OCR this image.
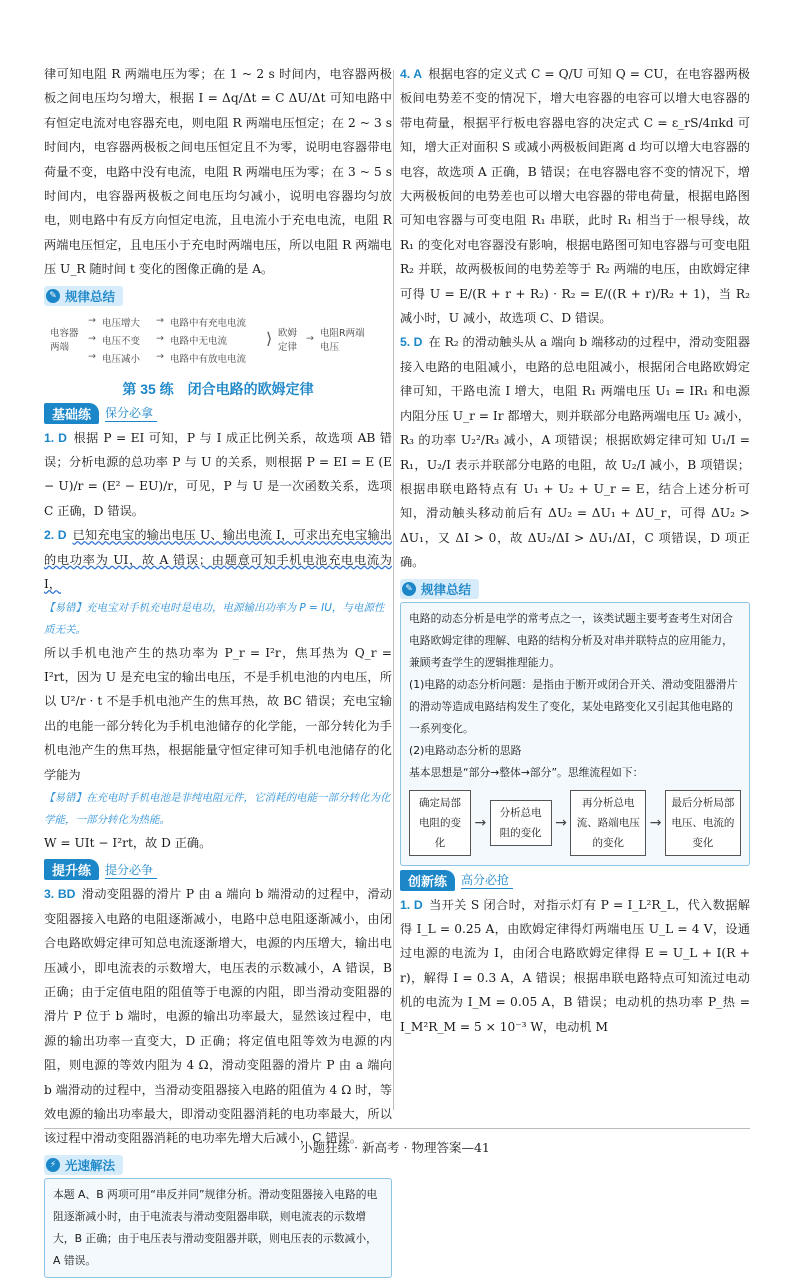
律可知电阻 R 两端电压为零；在 1 ~ 2 s 时间内，电容器两极板之间电压均匀增大，根据 I = Δq/Δt = C ΔU/Δt 可知电路中有恒定电流对电容器充电，则电阻 R 两端电压恒定；在 2 ~ 3 s 时间内，电容器两极板之间电压恒定且不为零，说明电容器带电荷量不变，电路中没有电流，电阻 R 两端电压为零；在 3 ~ 5 s 时间内，电容器两极板之间电压均匀减小，说明电容器均匀放电，则电路中有反方向恒定电流，且电流小于充电电流，电阻 R 两端电压恒定，且电压小于充电时两端电压，所以电阻 R 两端电压 U_R 随时间 t 变化的图像正确的是 A。

✎ 规律总结
电容器两端
→
→
→
电压增大
电压不变
电压减小
→
→
→
电路中有充电电流
电路中无电流
电路中有放电电流
⟩ 欧姆定律
→ 电阻R两端电压
第 35 练　闭合电路的欧姆定律
基础练	保分必拿

1. D 根据 P = EI 可知，P 与 I 成正比例关系，故选项 AB 错误；分析电源的总功率 P 与 U 的关系，则根据 P = EI = E (E − U)/r = (E² − EU)/r，可见，P 与 U 是一次函数关系，选项 C 正确，D 错误。

2. D 已知充电宝的输出电压 U、输出电流 I，可求出充电宝输出的电功率为 UI，故 A 错误；由题意可知手机电池充电电流为 I，

【易错】充电宝对手机充电时是电功，电源输出功率为 P = IU，与电源性质无关。

所以手机电池产生的热功率为 P_r = I²r，焦耳热为 Q_r = I²rt，因为 U 是充电宝的输出电压，不是手机电池的内电压，所以 U²/r · t 不是手机电池产生的焦耳热，故 BC 错误；充电宝输出的电能一部分转化为手机电池储存的化学能，一部分转化为手机电池产生的焦耳热，根据能量守恒定律可知手机电池储存的化学能为

【易错】在充电时手机电池是非纯电阻元件，它消耗的电能一部分转化为化学能，一部分转化为热能。

W = UIt − I²rt，故 D 正确。

提升练	提分必争

3. BD 滑动变阻器的滑片 P 由 a 端向 b 端滑动的过程中，滑动变阻器接入电路的电阻逐渐减小，电路中总电阻逐渐减小，由闭合电路欧姆定律可知总电流逐渐增大，电源的内压增大，输出电压减小，即电流表的示数增大，电压表的示数减小，A 错误，B 正确；由于定值电阻的阻值等于电源的内阻，即当滑动变阻器的滑片 P 位于 b 端时，电源的输出功率最大，显然该过程中，电源的输出功率一直变大，D 正确；将定值电阻等效为电源的内阻，则电源的等效内阻为 4 Ω，滑动变阻器的滑片 P 由 a 端向 b 端滑动的过程中，当滑动变阻器接入电路的阻值为 4 Ω 时，等效电源的输出功率最大，即滑动变阻器消耗的电功率最大，所以该过程中滑动变阻器消耗的电功率先增大后减小，C 错误。

⚡ 光速解法
本题 A、B 两项可用“串反并同”规律分析。滑动变阻器接入电路的电阻逐渐减小时，由于电流表与滑动变阻器串联，则电流表的示数增大，B 正确；由于电压表与滑动变阻器并联，则电压表的示数减小，A 错误。

4. A 根据电容的定义式 C = Q/U 可知 Q = CU，在电容器两极板间电势差不变的情况下，增大电容器的电容可以增大电容器的带电荷量，根据平行板电容器电容的决定式 C = ε_rS/4πkd 可知，增大正对面积 S 或减小两极板间距离 d 均可以增大电容器的电容，故选项 A 正确，B 错误；在电容器电容不变的情况下，增大两极板间的电势差也可以增大电容器的带电荷量，根据电路图可知电容器与可变电阻 R₁ 串联，此时 R₁ 相当于一根导线，故 R₁ 的变化对电容器没有影响，根据电路图可知电容器与可变电阻 R₂ 并联，故两极板间的电势差等于 R₂ 两端的电压，由欧姆定律可得 U = E/(R + r + R₂) · R₂ = E/((R + r)/R₂ + 1)，当 R₂ 减小时，U 减小，故选项 C、D 错误。

5. D 在 R₂ 的滑动触头从 a 端向 b 端移动的过程中，滑动变阻器接入电路的电阻减小，电路的总电阻减小，根据闭合电路欧姆定律可知，干路电流 I 增大，电阻 R₁ 两端电压 U₁ = IR₁ 和电源内阻分压 U_r = Ir 都增大，则并联部分电路两端电压 U₂ 减小，R₃ 的功率 U₂²/R₃ 减小，A 项错误；根据欧姆定律可知 U₁/I = R₁，U₂/I 表示并联部分电路的电阻，故 U₂/I 减小，B 项错误；根据串联电路特点有 U₁ + U₂ + U_r = E，结合上述分析可知，滑动触头移动前后有 ΔU₂ = ΔU₁ + ΔU_r，可得 ΔU₂ > ΔU₁，又 ΔI > 0，故 ΔU₂/ΔI > ΔU₁/ΔI，C 项错误，D 项正确。

✎ 规律总结

电路的动态分析是电学的常考点之一，该类试题主要考查考生对闭合电路欧姆定律的理解、电路的结构分析及对串并联特点的应用能力，兼顾考查学生的逻辑推理能力。

(1)电路的动态分析问题：是指由于断开或闭合开关、滑动变阻器滑片的滑动等造成电路结构发生了变化，某处电路变化又引起其他电路的一系列变化。

(2)电路动态分析的思路

基本思想是“部分→整体→部分”。思维流程如下：

确定局部电阻的变化
→
分析总电阻的变化
→
再分析总电流、路端电压的变化
→
最后分析局部电压、电流的变化
创新练	高分必抢

1. D 当开关 S 闭合时，对指示灯有 P = I_L²R_L，代入数据解得 I_L = 0.25 A，由欧姆定律得灯两端电压 U_L = 4 V，设通过电源的电流为 I，由闭合电路欧姆定律得 E = U_L + I(R + r)，解得 I = 0.3 A，A 错误；根据串联电路特点可知流过电动机的电流为 I_M = 0.05 A，B 错误；电动机的热功率 P_热 = I_M²R_M = 5 × 10⁻³ W，电动机 M

小题狂练 · 新高考 · 物理答案—41
